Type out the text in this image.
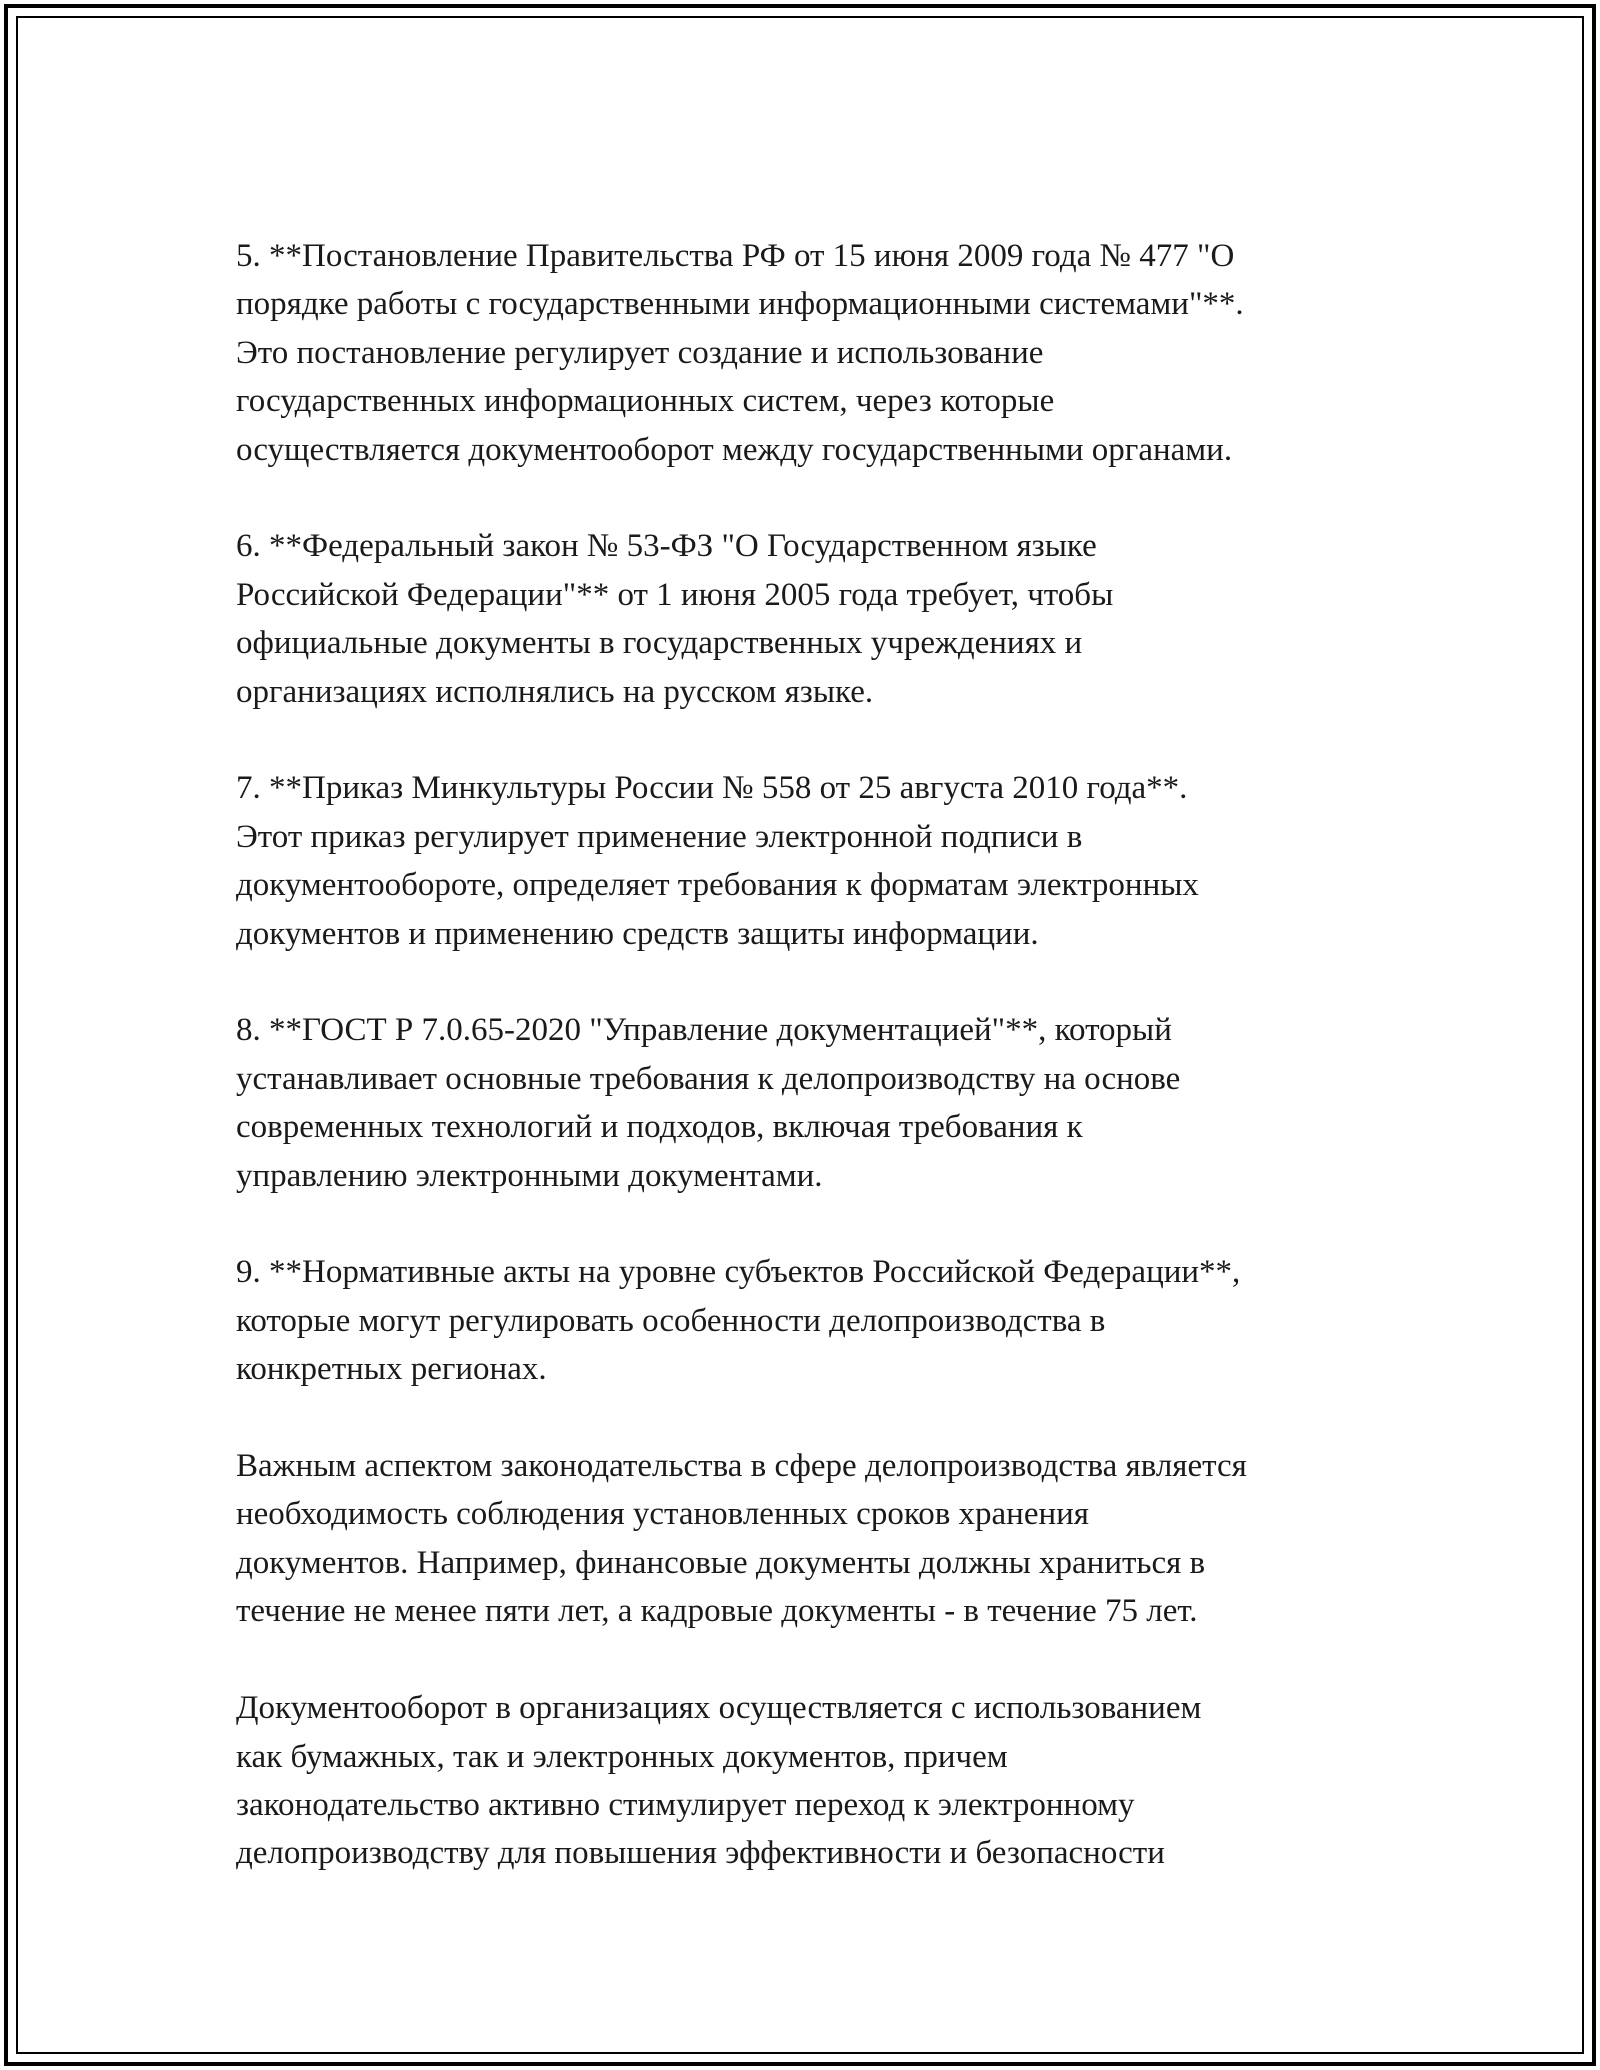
5. **Постановление Правительства РФ от 15 июня 2009 года № 477 "О
порядке работы с государственными информационными системами"**.
Это постановление регулирует создание и использование
государственных информационных систем, через которые
осуществляется документооборот между государственными органами.

6. **Федеральный закон № 53-ФЗ "О Государственном языке
Российской Федерации"** от 1 июня 2005 года требует, чтобы
официальные документы в государственных учреждениях и
организациях исполнялись на русском языке.

7. **Приказ Минкультуры России № 558 от 25 августа 2010 года**.
Этот приказ регулирует применение электронной подписи в
документообороте, определяет требования к форматам электронных
документов и применению средств защиты информации.

8. **ГОСТ Р 7.0.65-2020 "Управление документацией"**, который
устанавливает основные требования к делопроизводству на основе
современных технологий и подходов, включая требования к
управлению электронными документами.

9. **Нормативные акты на уровне субъектов Российской Федерации**,
которые могут регулировать особенности делопроизводства в
конкретных регионах.

Важным аспектом законодательства в сфере делопроизводства является
необходимость соблюдения установленных сроков хранения
документов. Например, финансовые документы должны храниться в
течение не менее пяти лет, а кадровые документы - в течение 75 лет.

Документооборот в организациях осуществляется с использованием
как бумажных, так и электронных документов, причем
законодательство активно стимулирует переход к электронному
делопроизводству для повышения эффективности и безопасности
